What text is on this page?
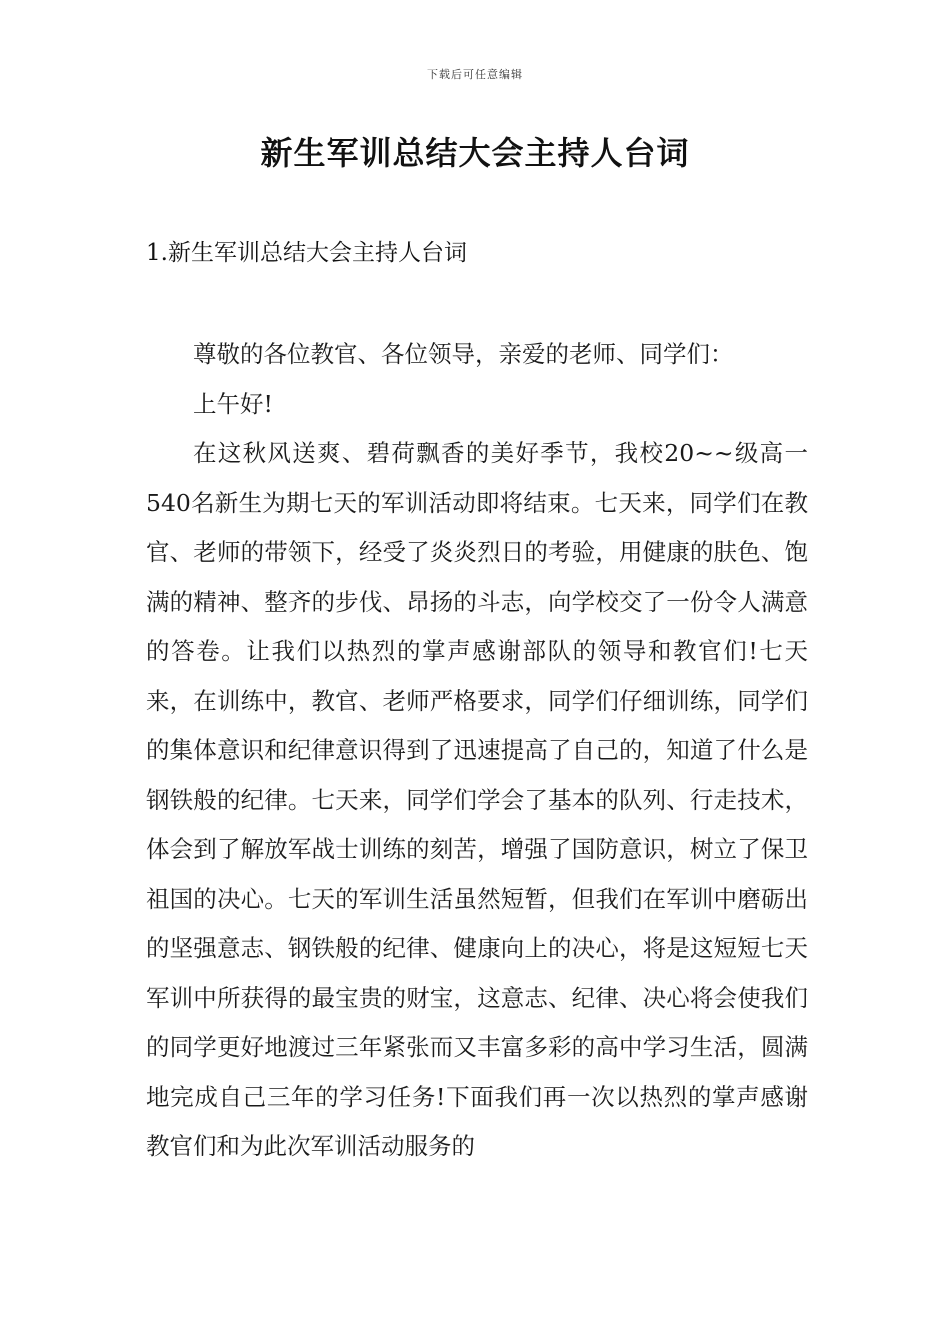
下载后可任意编辑
新生军训总结大会主持人台词
1.新生军训总结大会主持人台词

尊敬的各位教官、各位领导，亲爱的老师、同学们：

上午好!

在这秋风送爽、碧荷飘香的美好季节，我校20~~级高一540名新生为期七天的军训活动即将结束。七天来，同学们在教官、老师的带领下，经受了炎炎烈日的考验，用健康的肤色、饱满的精神、整齐的步伐、昂扬的斗志，向学校交了一份令人满意的答卷。让我们以热烈的掌声感谢部队的领导和教官们!七天来，在训练中，教官、老师严格要求，同学们仔细训练，同学们的集体意识和纪律意识得到了迅速提高了自己的，知道了什么是钢铁般的纪律。七天来，同学们学会了基本的队列、行走技术，体会到了解放军战士训练的刻苦，增强了国防意识，树立了保卫祖国的决心。七天的军训生活虽然短暂，但我们在军训中磨砺出的坚强意志、钢铁般的纪律、健康向上的决心，将是这短短七天军训中所获得的最宝贵的财宝，这意志、纪律、决心将会使我们的同学更好地渡过三年紧张而又丰富多彩的高中学习生活，圆满地完成自己三年的学习任务!下面我们再一次以热烈的掌声感谢教官们和为此次军训活动服务的
